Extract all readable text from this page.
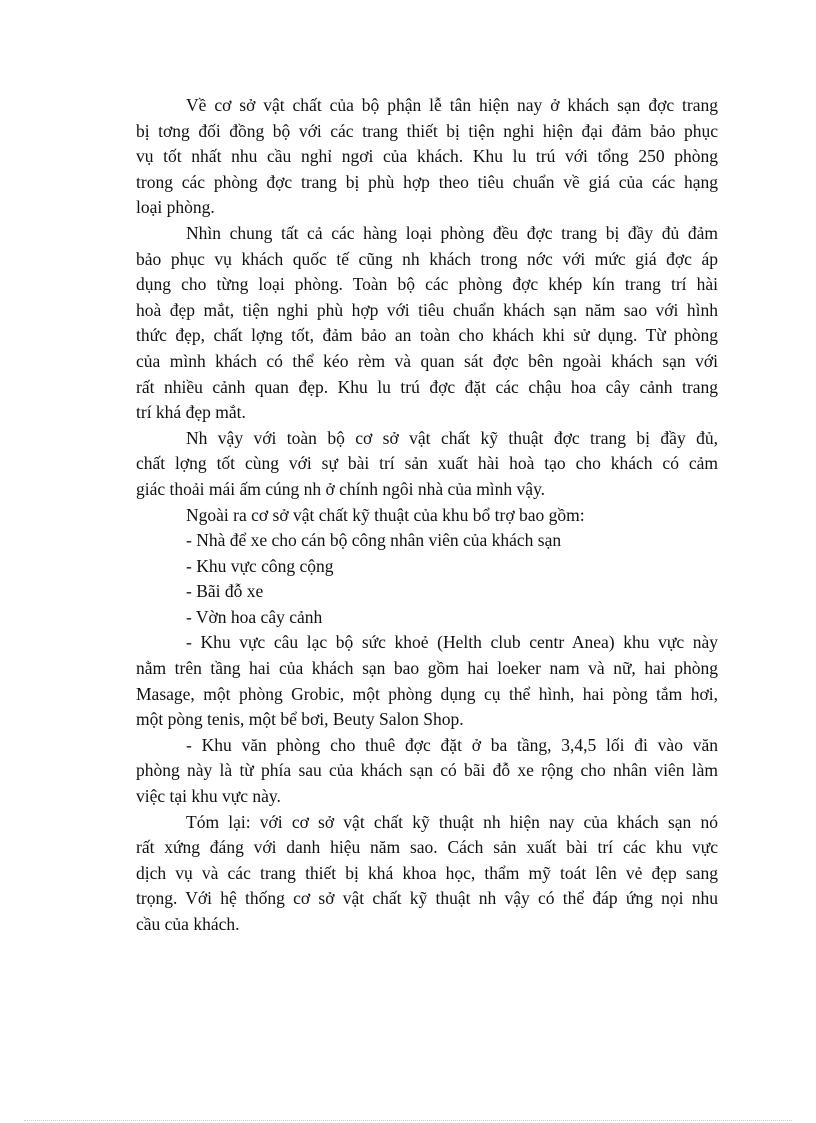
Về cơ sở vật chất của bộ phận lễ tân hiện nay ở khách sạn đợc trang
bị tơng đối đồng bộ với các trang thiết bị tiện nghi hiện đại đảm bảo phục
vụ tốt nhất nhu cầu nghỉ ngơi của khách. Khu lu trú với tổng 250 phòng
trong các phòng đợc trang bị phù hợp theo tiêu chuẩn về giá của các hạng
loại phòng.
Nhìn chung tất cả các hàng loại phòng đều đợc trang bị đầy đủ đảm
bảo phục vụ khách quốc tế cũng nh khách trong nớc với mức giá đợc áp
dụng cho từng loại phòng. Toàn bộ các phòng đợc khép kín trang trí hài
hoà đẹp mắt, tiện nghi phù hợp với tiêu chuẩn khách sạn năm sao với hình
thức đẹp, chất lợng tốt, đảm bảo an toàn cho khách khi sử dụng. Từ phòng
của mình khách có thể kéo rèm và quan sát đợc bên ngoài khách sạn với
rất nhiều cảnh quan đẹp. Khu lu trú đợc đặt các chậu hoa cây cảnh trang
trí khá đẹp mắt.
Nh vậy với toàn bộ cơ sở vật chất kỹ thuật đợc trang bị đầy đủ,
chất lợng tốt cùng với sự bài trí sản xuất hài hoà tạo cho khách có cảm
giác thoải mái ấm cúng nh ở chính ngôi nhà của mình vậy.
Ngoài ra cơ sở vật chất kỹ thuật của khu bổ trợ bao gồm:
- Nhà để xe cho cán bộ công nhân viên của khách sạn
- Khu vực công cộng
- Bãi đỗ xe
- Vờn hoa cây cảnh
- Khu vực câu lạc bộ sức khoẻ (Helth club centr Anea) khu vực này
nằm trên tầng hai của khách sạn bao gồm hai loeker nam và nữ, hai phòng
Masage, một phòng Grobic, một phòng dụng cụ thể hình, hai pòng tắm hơi,
một pòng tenis, một bể bơi, Beuty Salon Shop.
- Khu văn phòng cho thuê đợc đặt ở ba tầng, 3,4,5 lối đi vào văn
phòng này là từ phía sau của khách sạn có bãi đỗ xe rộng cho nhân viên làm
việc tại khu vực này.
Tóm lại: với cơ sở vật chất kỹ thuật nh hiện nay của khách sạn nó
rất xứng đáng với danh hiệu năm sao. Cách sản xuất bài trí các khu vực
dịch vụ và các trang thiết bị khá khoa học, thẩm mỹ toát lên vẻ đẹp sang
trọng. Với hệ thống cơ sở vật chất kỹ thuật nh vậy có thể đáp ứng nọi nhu
cầu của khách.
